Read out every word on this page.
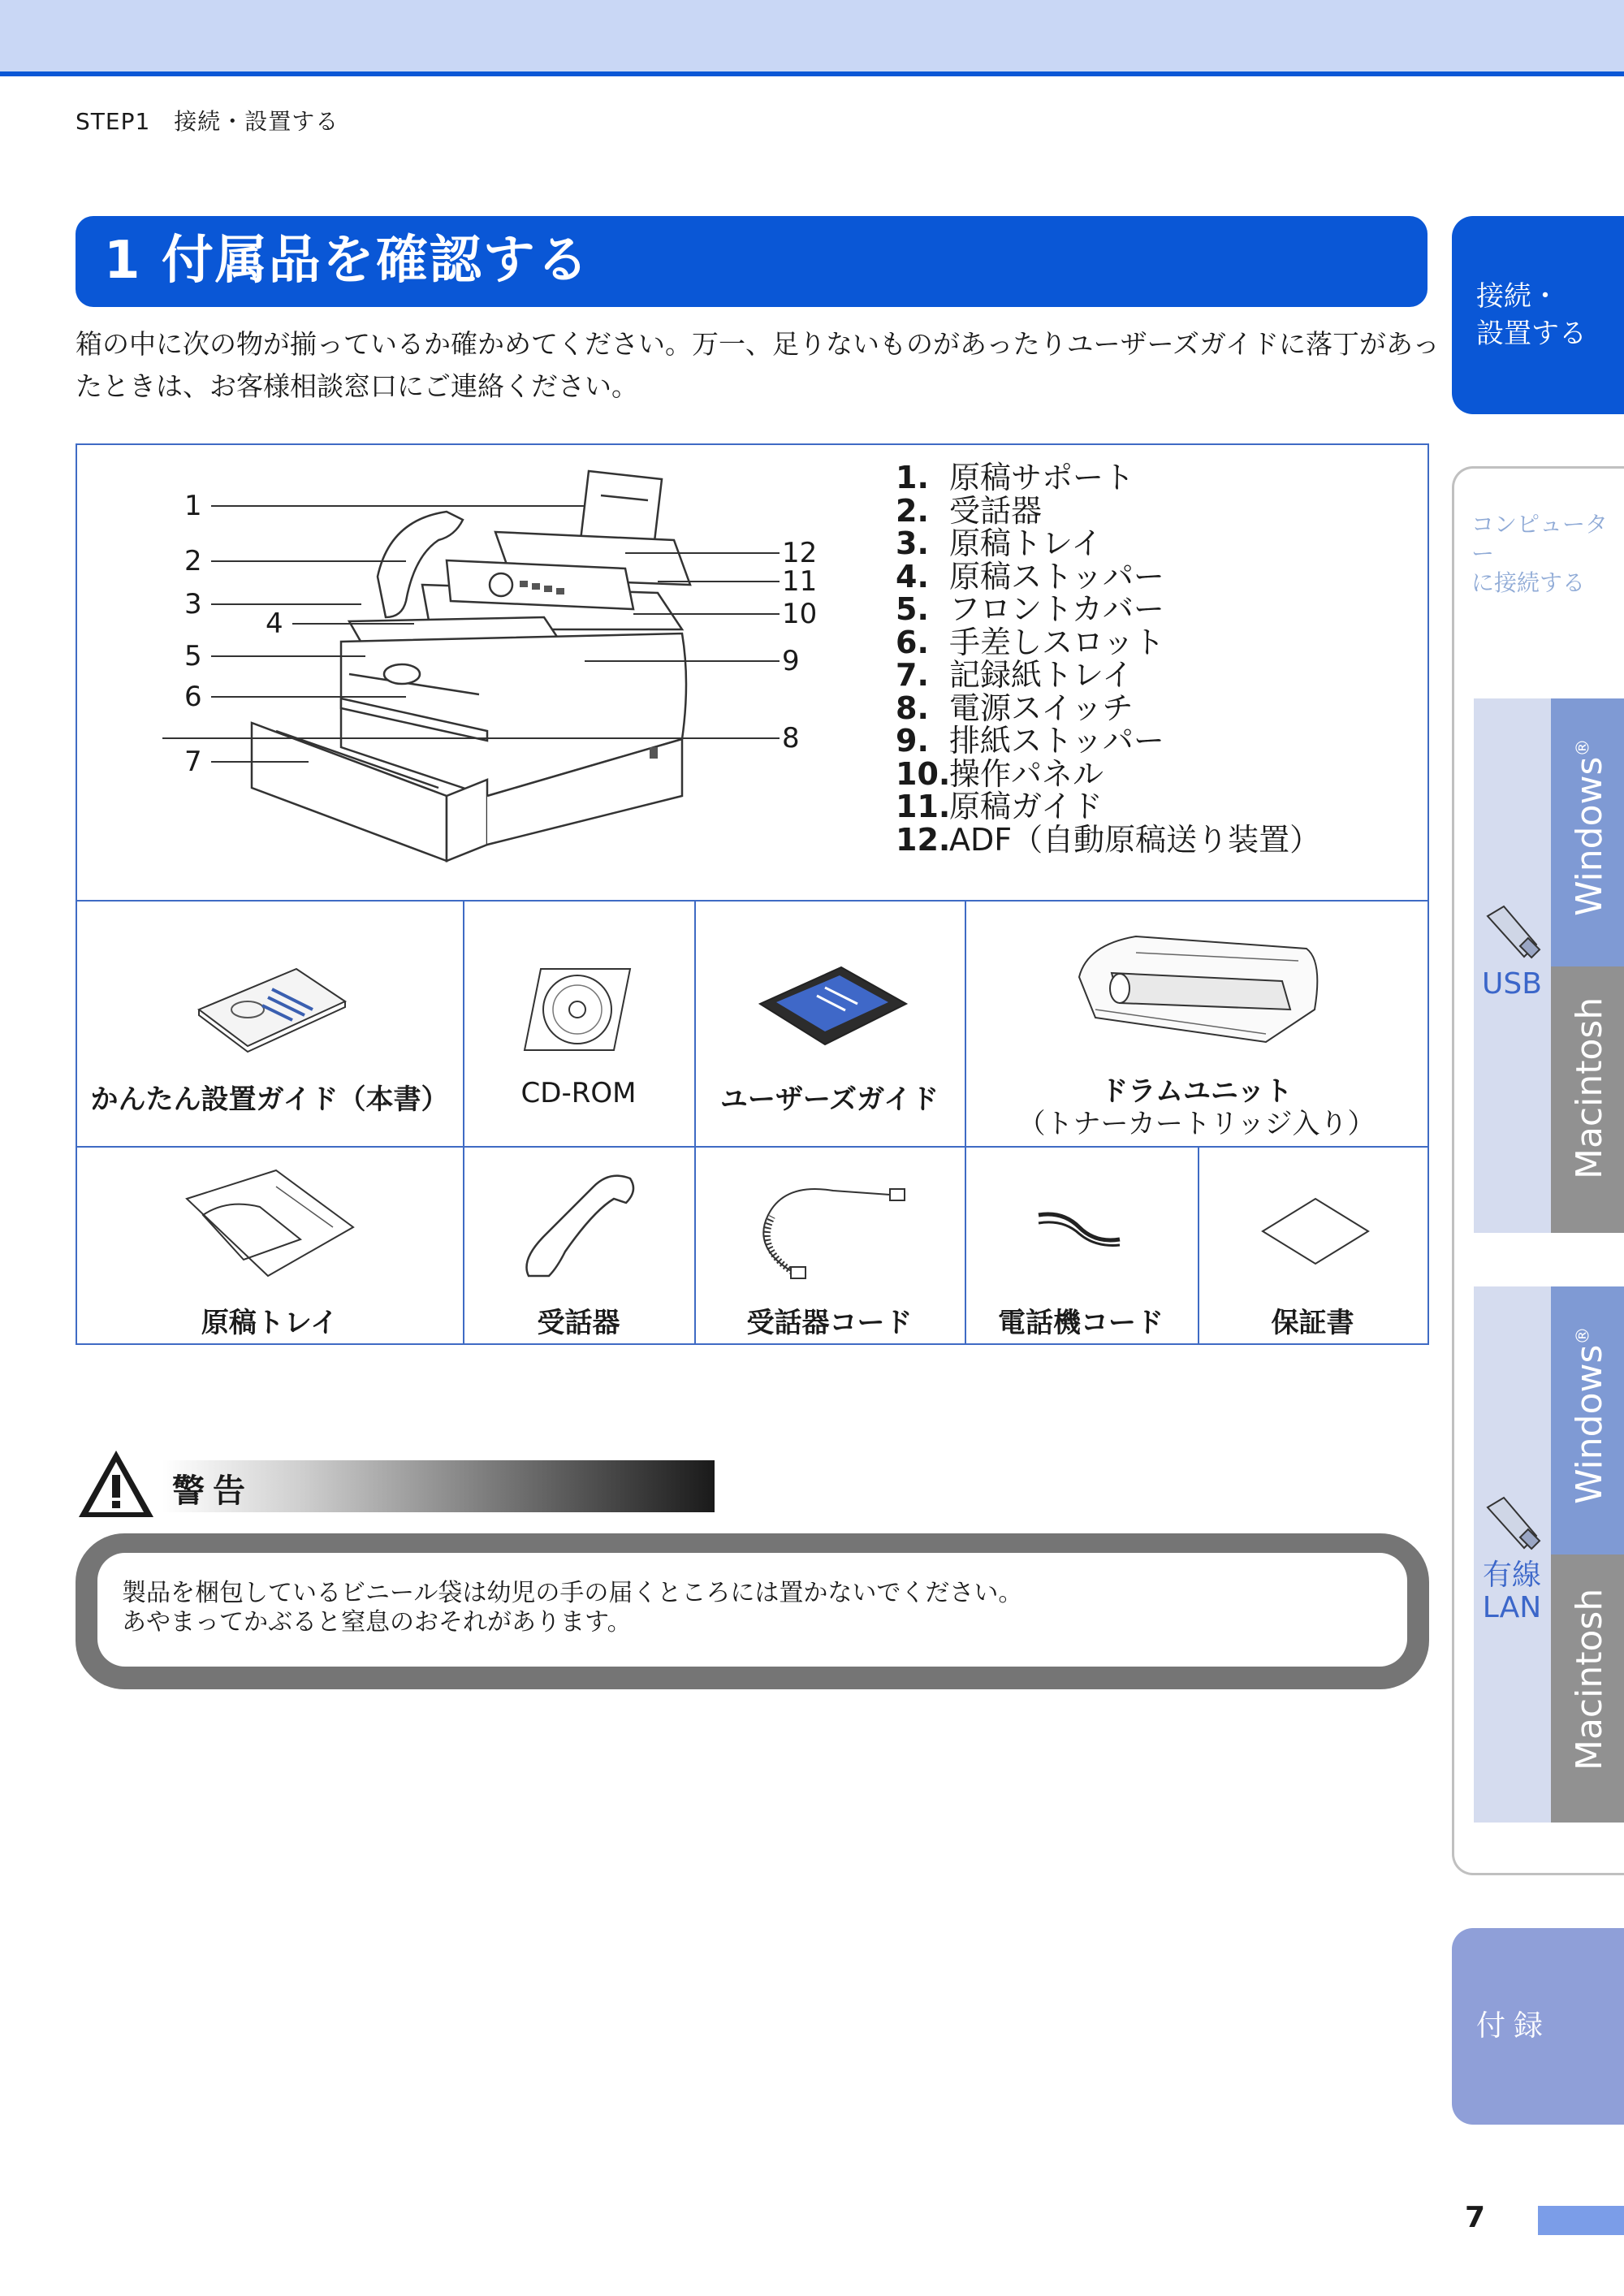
STEP1　接続・設置する
1 付属品を確認する
箱の中に次の物が揃っているか確かめてください。万一、足りないものがあったりユーザーズガイドに落丁があったときは、お客様相談窓口にご連絡ください。
1
2
3
4
5
6
7
8
9
10
11
12
1. 原稿サポート
2. 受話器
3. 原稿トレイ
4. 原稿ストッパー
5. フロントカバー
6. 手差しスロット
7. 記録紙トレイ
8. 電源スイッチ
9. 排紙ストッパー
10.操作パネル
11.原稿ガイド
12.ADF（自動原稿送り装置）
かんたん設置ガイド（本書）	CD-ROM	ユーザーズガイド	ドラムユニット
（トナーカートリッジ入り）
原稿トレイ	受話器	受話器コード	電話機コード	保証書
警告
製品を梱包しているビニール袋は幼児の手の届くところには置かないでください。
あやまってかぶると窒息のおそれがあります。
接続・
設置する
コンピューター
に接続する
Windows®
Macintosh
USB
Windows®
Macintosh
有線
LAN
付録
7
